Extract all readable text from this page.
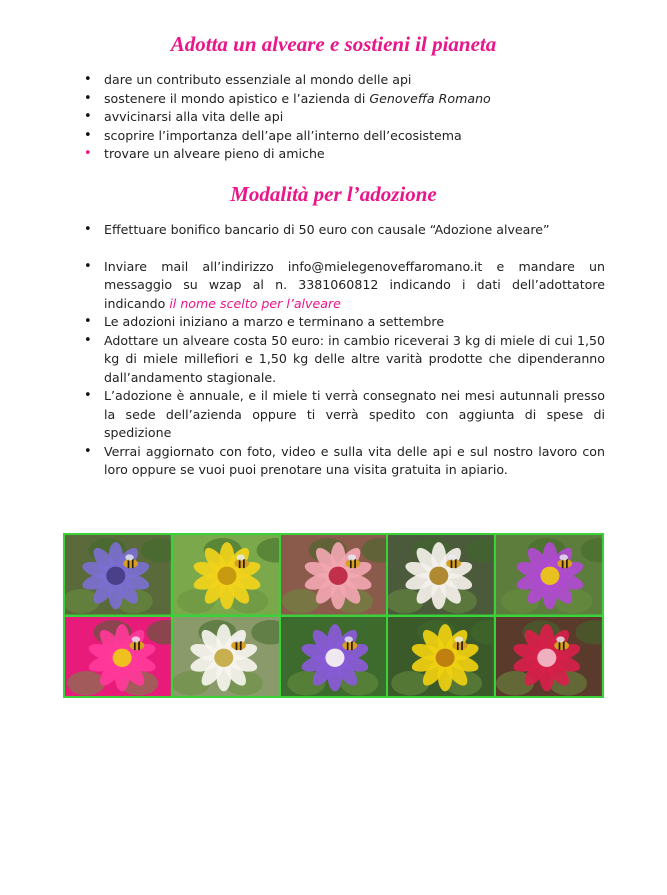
Adotta un alveare e sostieni il pianeta
• dare un contributo essenziale al mondo delle api
• sostenere il mondo apistico e l’azienda di Genoveffa Romano
• avvicinarsi alla vita delle api
• scoprire l’importanza dell’ape all’interno dell’ecosistema
• trovare un alveare pieno di amiche
Modalità per l’adozione
• Effettuare bonifico bancario di 50 euro con causale “Adozione alveare”
• Inviare mail all’indirizzo info@mielegenoveffaromano.it e mandare un messaggio su wzap al n. 3381060812 indicando i dati dell’adottatore indicando il nome scelto per l’alveare
• Le adozioni iniziano a marzo e terminano a settembre
• Adottare un alveare costa 50 euro: in cambio riceverai 3 kg di miele di cui 1,50 kg di miele millefiori e 1,50 kg delle altre varità prodotte che dipenderanno dall’andamento stagionale.
• L’adozione è annuale, e il miele ti verrà consegnato nei mesi autunnali presso la sede dell’azienda oppure ti verrà spedito con aggiunta di spese di spedizione
• Verrai aggiornato con foto, video e sulla vita delle api e sul nostro lavoro con loro oppure se vuoi puoi prenotare una visita gratuita in apiario.
